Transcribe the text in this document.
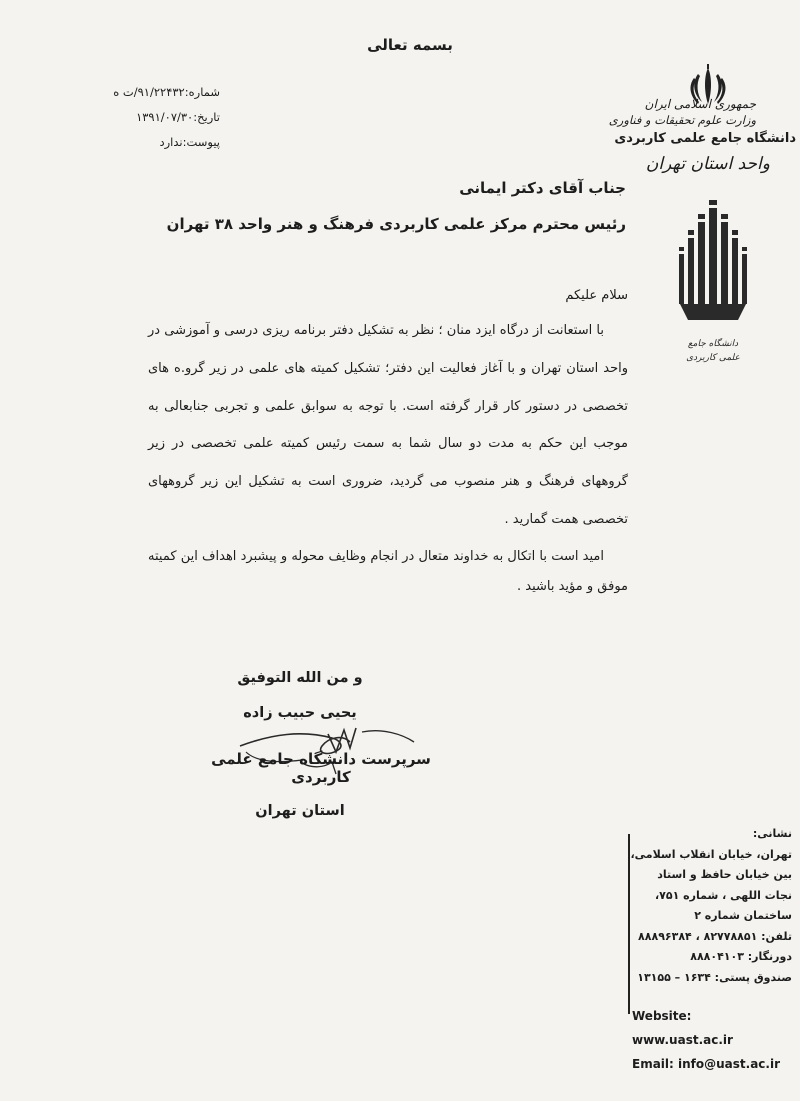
بسمه تعالی
شماره:۹۱/۲۲۴۳۲/ت ه
تاریخ:۱۳۹۱/۰۷/۳۰
پیوست:ندارد
جمهوری اسلامی ایران
وزارت علوم تحقیقات و فناوری
دانشگاه جامع علمی کاربردی
واحد استان تهران
دانشگاه جامع
علمی کاربردی
جناب آقای دکتر ایمانی
رئیس محترم مرکز علمی کاربردی فرهنگ و هنر واحد ۳۸ تهران
سلام علیکم

با استعانت از درگاه ایزد منان ؛ نظر به تشکیل دفتر برنامه ریزی درسی و آموزشی در واحد استان تهران و با آغاز فعالیت این دفتر؛ تشکیل کمیته های علمی در زیر گرو.ه های تخصصی در دستور کار قرار گرفته است. با توجه به سوابق علمی و تجربی جنابعالی به موجب این حکم به مدت دو سال شما به سمت رئیس کمیته علمی تخصصی در زیر گروههای فرهنگ و هنر منصوب می گردید، ضروری است به تشکیل این زیر گروههای تخصصی همت گمارید .

امید است با اتکال به خداوند متعال در انجام وظایف محوله و پیشبرد اهداف این کمیته موفق و مؤید باشید .

و من الله التوفیق
یحیی حبیب زاده
سرپرست دانشگاه جامع علمی کاربردی
استان تهران
نشانی:
تهران، خیابان انقلاب اسلامی،
بین خیابان حافظ و استاد
نجات اللهی ، شماره ۷۵۱،
ساختمان شماره ۲
تلفن: ۸۲۷۷۸۸۵۱ ، ۸۸۸۹۶۳۸۴
دورنگار: ۸۸۸۰۴۱۰۳
صندوق پستی: ۱۶۳۴ – ۱۳۱۵۵
Website: www.uast.ac.ir
Email: info@uast.ac.ir
